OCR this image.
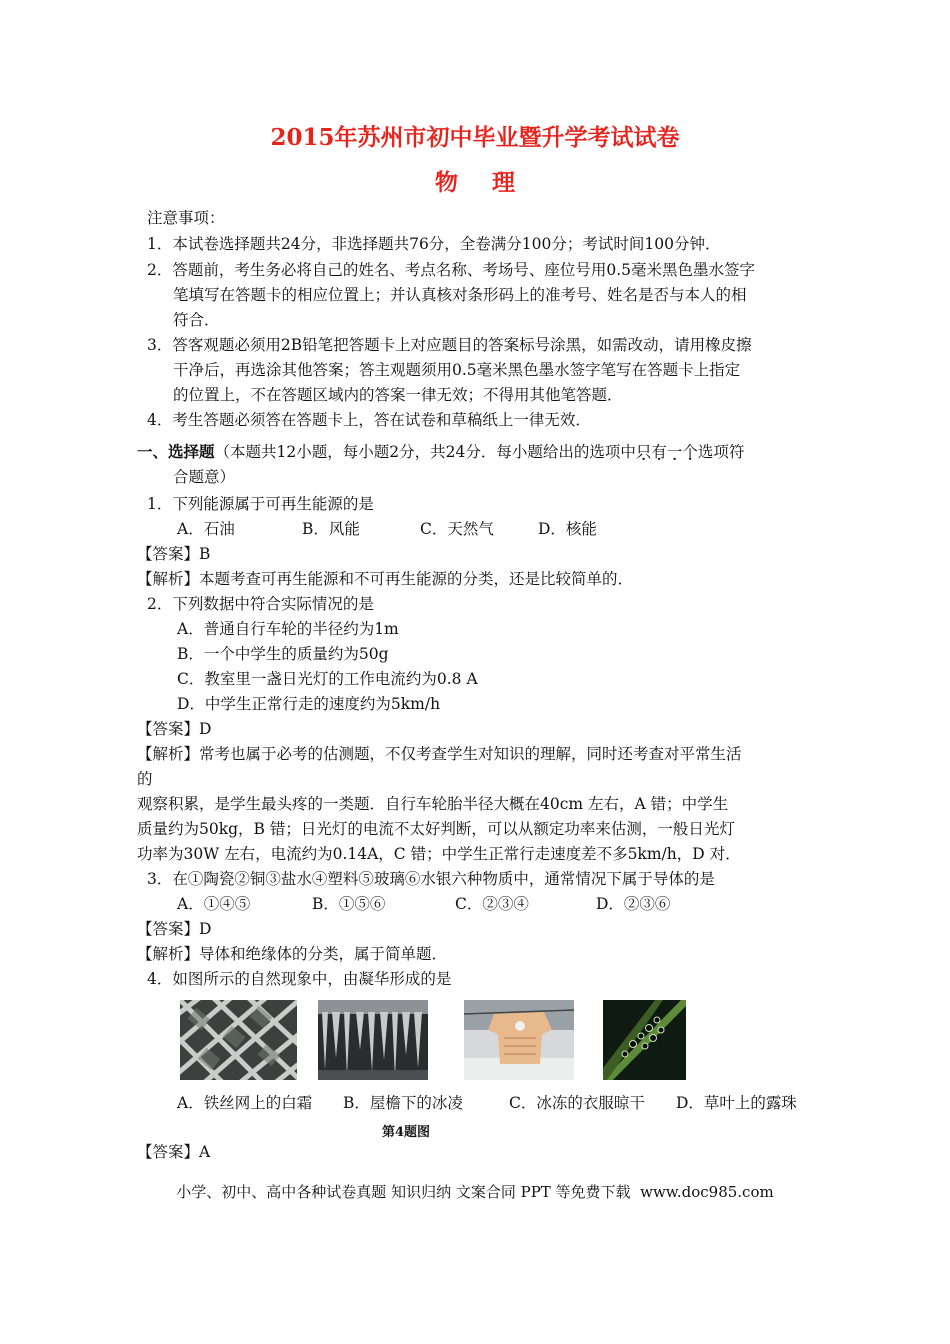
2015年苏州市初中毕业暨升学考试试卷
物理
注意事项：
1．本试卷选择题共24分，非选择题共76分，全卷满分100分；考试时间100分钟．
2．答题前，考生务必将自己的姓名、考点名称、考场号、座位号用0.5毫米黑色墨水签字
笔填写在答题卡的相应位置上；并认真核对条形码上的准考号、姓名是否与本人的相
符合．
3．答客观题必须用2B铅笔把答题卡上对应题目的答案标号涂黑，如需改动，请用橡皮擦
干净后，再选涂其他答案；答主观题须用0.5毫米黑色墨水签字笔写在答题卡上指定
的位置上，不在答题区域内的答案一律无效；不得用其他笔答题．
4．考生答题必须答在答题卡上，答在试卷和草稿纸上一律无效．
一、选择题（本题共12小题，每小题2分，共24分．每小题给出的选项中只有一个选项符
合题意）
1．下列能源属于可再生能源的是
A．石油	B．风能	C．天然气	D．核能
【答案】B
【解析】本题考查可再生能源和不可再生能源的分类，还是比较简单的．
2．下列数据中符合实际情况的是
A．普通自行车轮的半径约为1m
B．一个中学生的质量约为50g
C．教室里一盏日光灯的工作电流约为0.8 A
D．中学生正常行走的速度约为5km/h
【答案】D
【解析】常考也属于必考的估测题，不仅考查学生对知识的理解，同时还考查对平常生活
的
观察积累，是学生最头疼的一类题．自行车轮胎半径大概在40cm 左右，A 错；中学生
质量约为50kg，B 错；日光灯的电流不太好判断，可以从额定功率来估测，一般日光灯
功率为30W 左右，电流约为0.14A，C 错；中学生正常行走速度差不多5km/h，D 对．
3．在①陶瓷②铜③盐水④塑料⑤玻璃⑥水银六种物质中，通常情况下属于导体的是
A．①④⑤	B．①⑤⑥	C．②③④	D．②③⑥
【答案】D
【解析】导体和绝缘体的分类，属于简单题．
4．如图所示的自然现象中，由凝华形成的是
A．铁丝网上的白霜 B．屋檐下的冰凌	C．冰冻的衣服晾干 D．草叶上的露珠
第4题图
【答案】A
小学、初中、高中各种试卷真题 知识归纳 文案合同 PPT 等免费下载 www.doc985.com
